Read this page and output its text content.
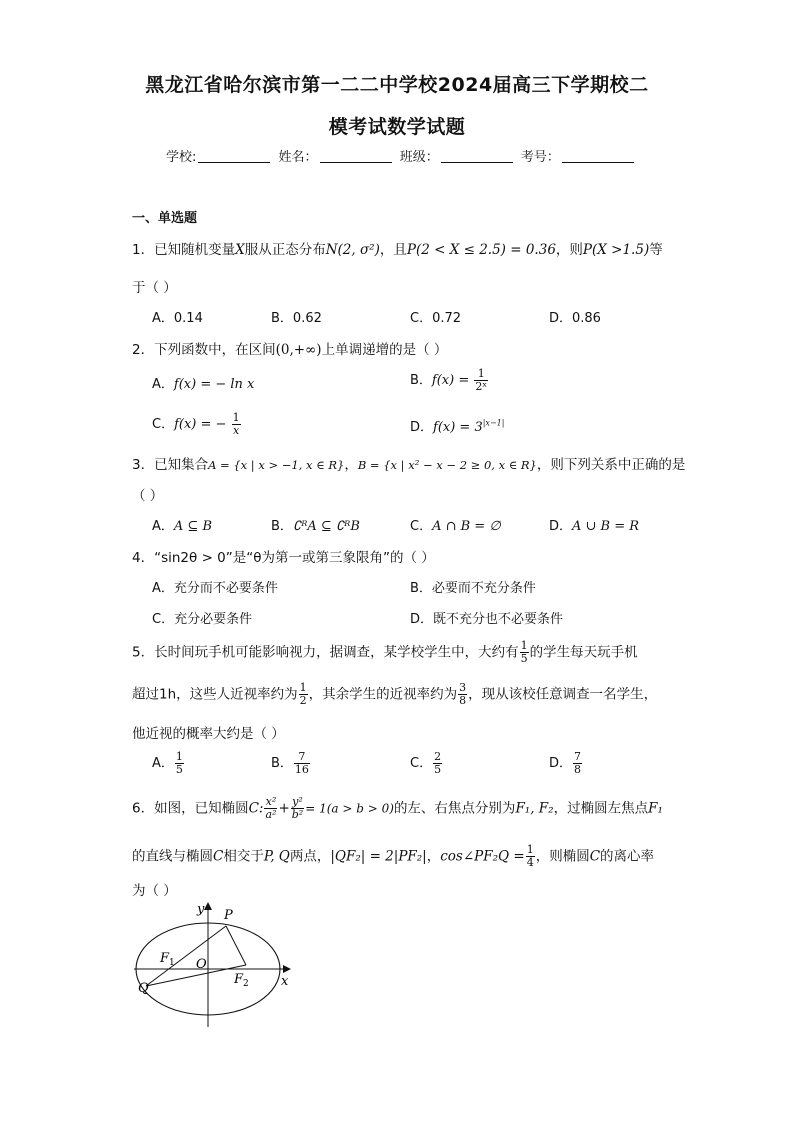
黑龙江省哈尔滨市第一二二中学校2024届高三下学期校二
模考试数学试题
学校:	姓名：	班级：	考号：
一、单选题
1．已知随机变量X服从正态分布N(2, σ²)，且P(2 < X ≤ 2.5) = 0.36，则P(X >1.5)等
于（ ）
A．0.14	B．0.62	C．0.72	D．0.86
2．下列函数中，在区间(0,+∞)上单调递增的是（ ）
A．f(x) = − ln x	B．$f(x) = \frac{1}{\text{2ˣ}}$
C．f(x) = − $\frac{1}{x}$	D．$f(x) = 3^{|x-1|}$
3．已知集合A = {x | x > −1, x ∈ R}，B = {x | x² − x − 2 ≥ 0, x ∈ R}，则下列关系中正确的是
（ ）
A．A ⊆ B	B．∁ᴿA ⊆ ∁ᴿB	C．A ∩ B = ∅	D．A ∪ B = R
4．“sin2θ > 0”是“θ为第一或第三象限角”的（ ）
A．充分而不必要条件	B．必要而不充分条件
C．充分必要条件	D．既不充分也不必要条件
5．长时间玩手机可能影响视力，据调查，某学校学生中，大约有 $\frac{1}{5}$ 的学生每天玩手机
超过1h，这些人近视率约为 $\frac{1}{2}$ ，其余学生的近视率约为 $\frac{3}{8}$ ，现从该校任意调查一名学生，
他近视的概率大约是（ ）
A． $\frac{1}{5}$	B． $\frac{7}{16}$	C． $\frac{2}{5}$	D． $\frac{7}{8}$
6．如图，已知椭圆C: $\frac{\text{x²}}{\text{a²}} + \frac{\text{y²}}{\text{b²}} = 1(a > b > 0)$的左、右焦点分别为F₁, F₂，过椭圆左焦点F₁
的直线与椭圆C相交于P, Q两点，|QF₂| = 2|PF₂|，cos∠PF₂Q = $\frac{1}{4}$ ，则椭圆C的离心率
为（ ）
y
x
O
P
Q
$F_1$
$F_2$
